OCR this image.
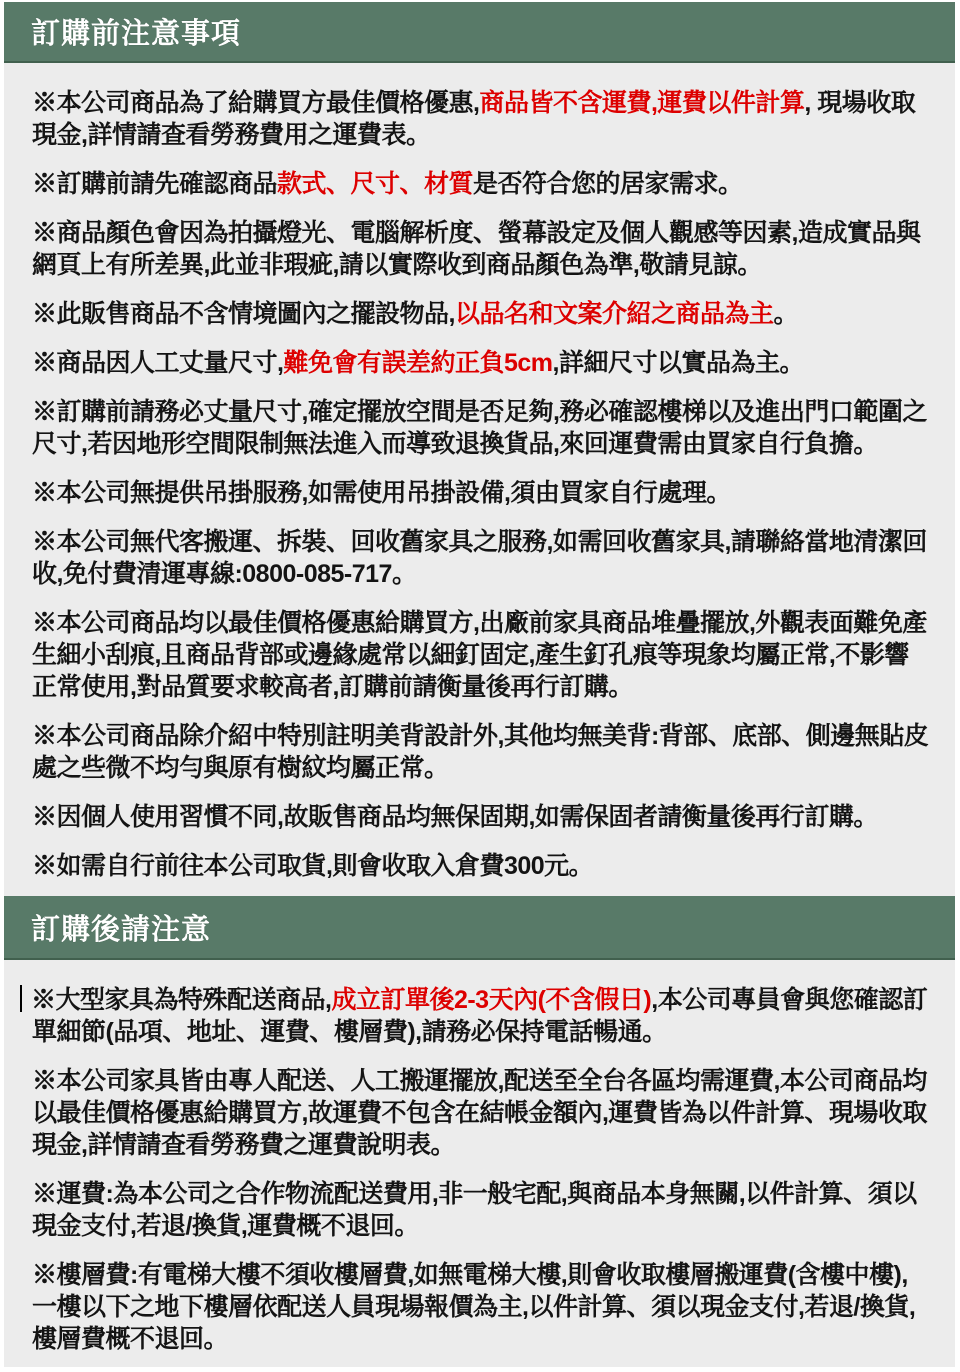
訂購前注意事項

※本公司商品為了給購買方最佳價格優惠,商品皆不含運費,運費以件計算, 現場收取現金,詳情請查看勞務費用之運費表。

※訂購前請先確認商品款式、尺寸、材質是否符合您的居家需求。

※商品顏色會因為拍攝燈光、電腦解析度、螢幕設定及個人觀感等因素,造成實品與網頁上有所差異,此並非瑕疵,請以實際收到商品顏色為準,敬請見諒。

※此販售商品不含情境圖內之擺設物品,以品名和文案介紹之商品為主。

※商品因人工丈量尺寸,難免會有誤差約正負5cm,詳細尺寸以實品為主。

※訂購前請務必丈量尺寸,確定擺放空間是否足夠,務必確認樓梯以及進出門口範圍之尺寸,若因地形空間限制無法進入而導致退換貨品,來回運費需由買家自行負擔。

※本公司無提供吊掛服務,如需使用吊掛設備,須由買家自行處理。

※本公司無代客搬運、拆裝、回收舊家具之服務,如需回收舊家具,請聯絡當地清潔回收,免付費清運專線:0800-085-717。

※本公司商品均以最佳價格優惠給購買方,出廠前家具商品堆疊擺放,外觀表面難免產生細小刮痕,且商品背部或邊緣處常以細釘固定,產生釘孔痕等現象均屬正常,不影響正常使用,對品質要求較高者,訂購前請衡量後再行訂購。

※本公司商品除介紹中特別註明美背設計外,其他均無美背:背部、底部、側邊無貼皮處之些微不均勻與原有樹紋均屬正常。

※因個人使用習慣不同,故販售商品均無保固期,如需保固者請衡量後再行訂購。

※如需自行前往本公司取貨,則會收取入倉費300元。

訂購後請注意

※大型家具為特殊配送商品,成立訂單後2-3天內(不含假日),本公司專員會與您確認訂單細節(品項、地址、運費、樓層費),請務必保持電話暢通。

※本公司家具皆由專人配送、人工搬運擺放,配送至全台各區均需運費,本公司商品均以最佳價格優惠給購買方,故運費不包含在結帳金額內,運費皆為以件計算、現場收取現金,詳情請查看勞務費之運費說明表。

※運費:為本公司之合作物流配送費用,非一般宅配,與商品本身無關,以件計算、須以現金支付,若退/換貨,運費概不退回。

※樓層費:有電梯大樓不須收樓層費,如無電梯大樓,則會收取樓層搬運費(含樓中樓),一樓以下之地下樓層依配送人員現場報價為主,以件計算、須以現金支付,若退/換貨,樓層費概不退回。
